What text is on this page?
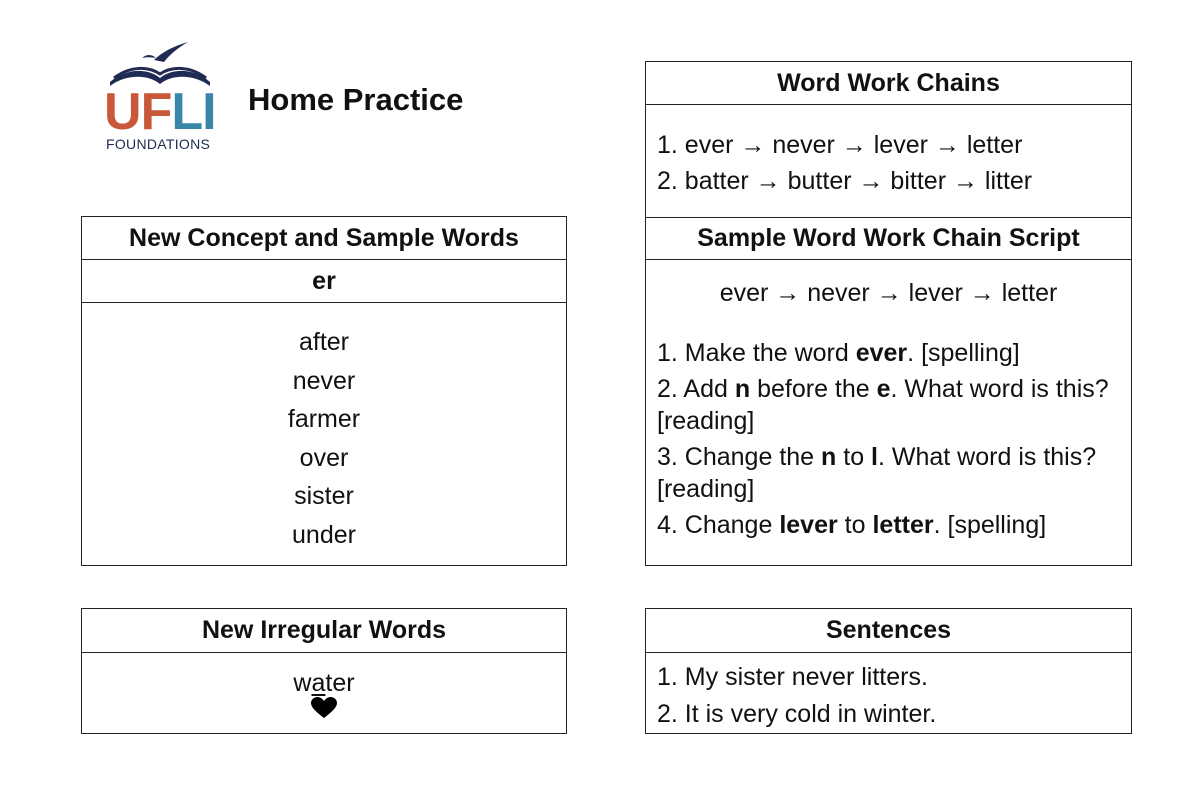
UFLI
FOUNDATIONS
Home Practice
New Concept and Sample Words
er
after
never
farmer
over
sister
under
New Irregular Words
water
Word Work Chains
1. ever → never → lever → letter
2. batter → butter → bitter → litter
Sample Word Work Chain Script
ever → never → lever → letter
1. Make the word ever. [spelling]
2. Add n before the e. What word is this? [reading]
3. Change the n to l. What word is this? [reading]
4. Change lever to letter. [spelling]
Sentences
1. My sister never litters.
2. It is very cold in winter.
